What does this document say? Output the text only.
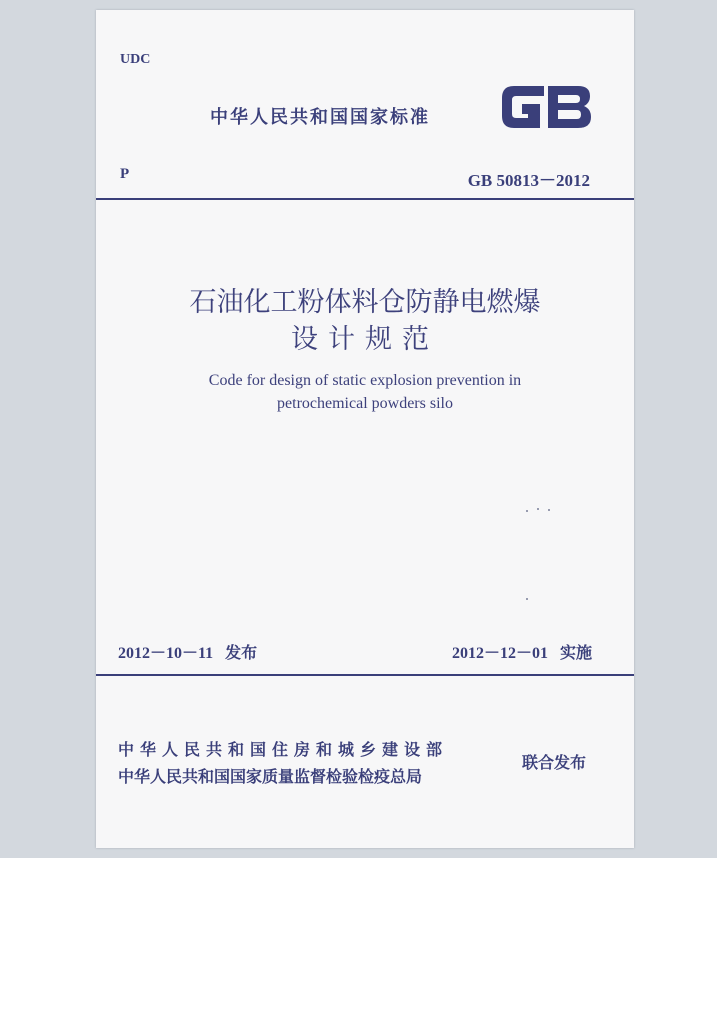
UDC
中华人民共和国国家标准
P	GB 50813－2012
石油化工粉体料仓防静电燃爆
设计规范
Code for design of static explosion prevention in
petrochemical powders silo
2012－10－11 发布	2012－12－01 实施
中华人民共和国住房和城乡建设部
中华人民共和国国家质量监督检验检疫总局
联合发布
